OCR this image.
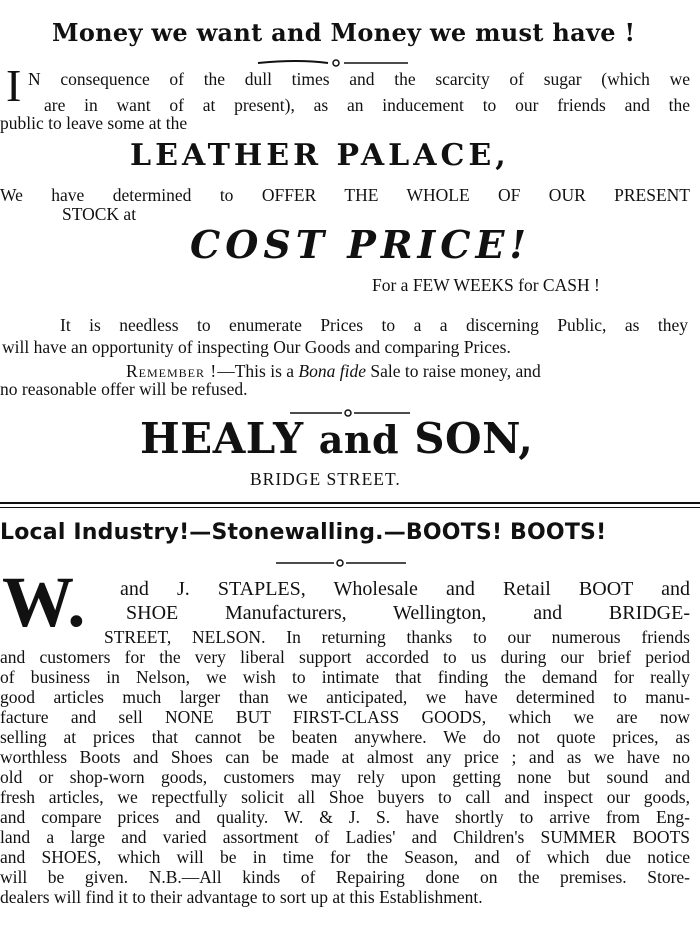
Money we want and Money we must have !
I N consequence of the dull times and the scarcity of sugar (which we
are in want of at present), as an inducement to our friends and the
public to leave some at the
LEATHER PALACE,
We have determined to OFFER THE WHOLE OF OUR PRESENT
STOCK at
COST PRICE!
For a FEW WEEKS for CASH !
It is needless to enumerate Prices to a a discerning Public, as they
will have an opportunity of inspecting Our Goods and comparing Prices.
Remember !—This is a Bona fide Sale to raise money, and
no reasonable offer will be refused.
HEALY and SON,
BRIDGE STREET.
Local Industry!—Stonewalling.—BOOTS! BOOTS!
W. and J. STAPLES, Wholesale and Retail BOOT and
SHOE Manufacturers, Wellington, and BRIDGE-
STREET, NELSON. In returning thanks to our numerous friends
and customers for the very liberal support accorded to us during our brief period
of business in Nelson, we wish to intimate that finding the demand for really
good articles much larger than we anticipated, we have determined to manu-
facture and sell NONE BUT FIRST-CLASS GOODS, which we are now
selling at prices that cannot be beaten anywhere. We do not quote prices, as
worthless Boots and Shoes can be made at almost any price ; and as we have no
old or shop-worn goods, customers may rely upon getting none but sound and
fresh articles, we repectfully solicit all Shoe buyers to call and inspect our goods,
and compare prices and quality. W. & J. S. have shortly to arrive from Eng-
land a large and varied assortment of Ladies' and Children's SUMMER BOOTS
and SHOES, which will be in time for the Season, and of which due notice
will be given. N.B.—All kinds of Repairing done on the premises. Store-
dealers will find it to their advantage to sort up at this Establishment.
